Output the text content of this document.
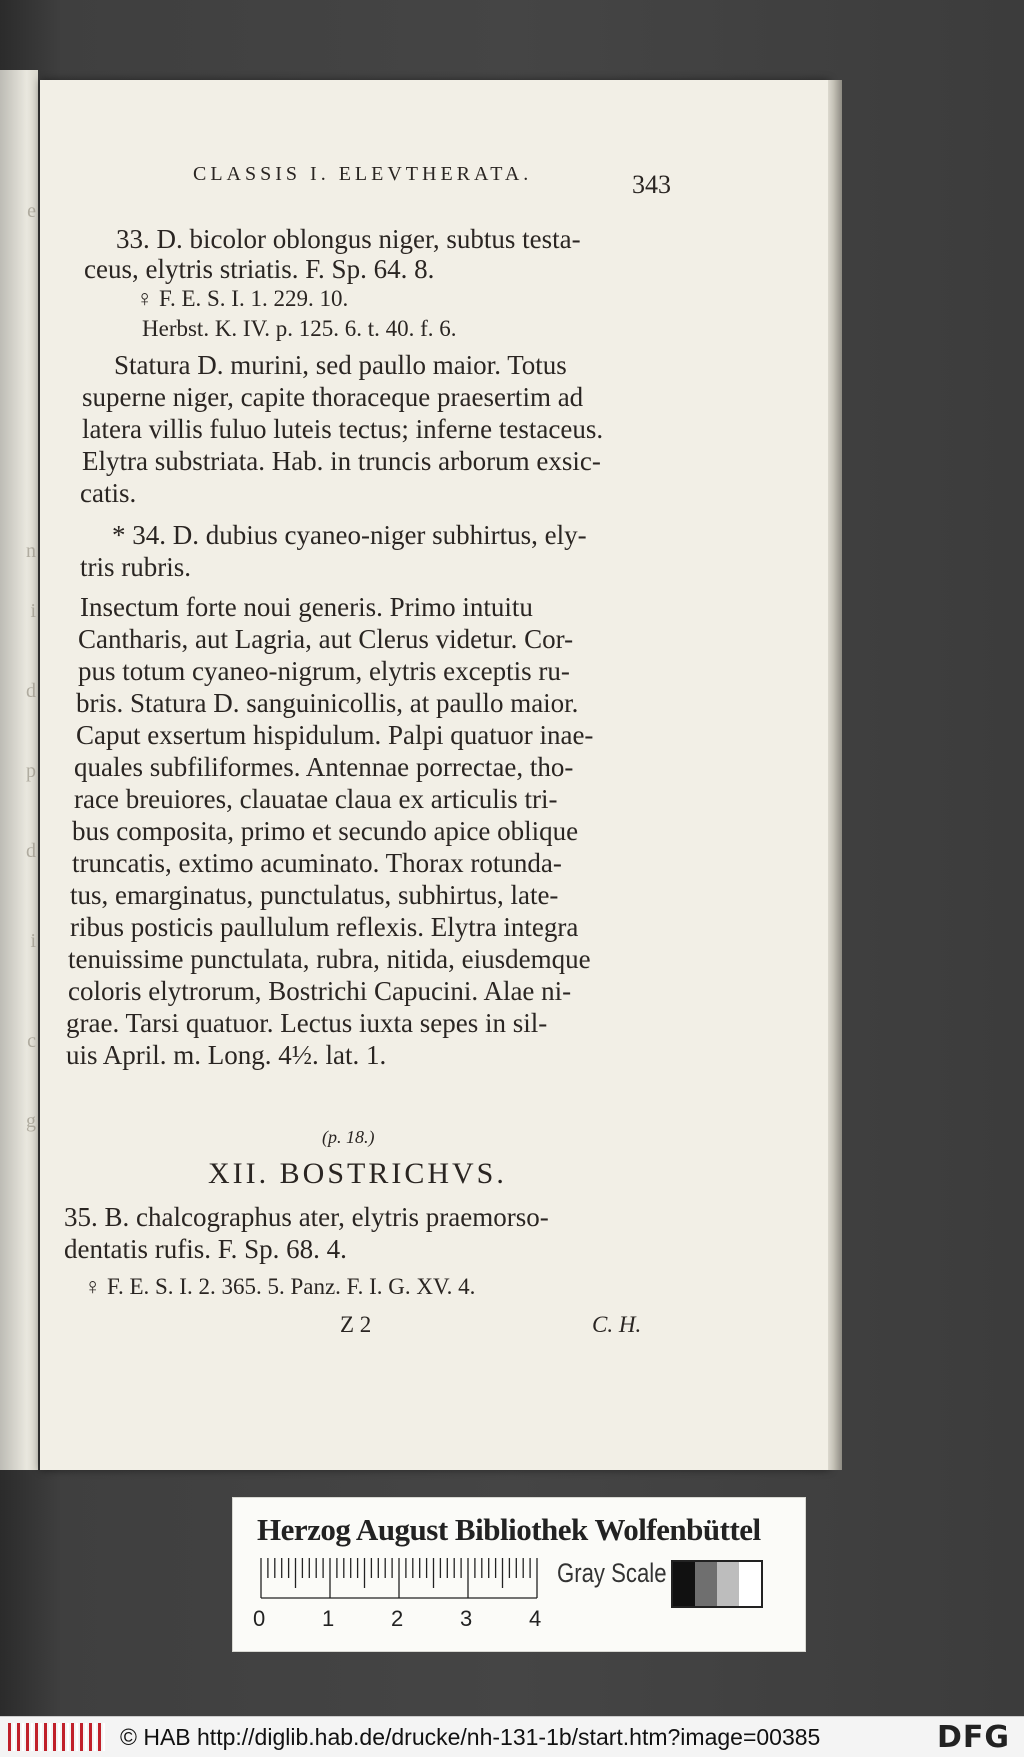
e
n
i
d
p
d
i
c
g
CLASSIS I. ELEVTHERATA.	343
33. D. bicolor oblongus niger, subtus testa-
ceus, elytris striatis. F. Sp. 64. 8.
♀ F. E. S. I. 1. 229. 10.
Herbst. K. IV. p. 125. 6. t. 40. f. 6.
Statura D. murini, sed paullo maior. Totus
superne niger, capite thoraceque praesertim ad
latera villis fuluo luteis tectus; inferne testaceus.
Elytra substriata. Hab. in truncis arborum exsic-
catis.
* 34. D. dubius cyaneo-niger subhirtus, ely-
tris rubris.
Insectum forte noui generis. Primo intuitu
Cantharis, aut Lagria, aut Clerus videtur. Cor-
pus totum cyaneo-nigrum, elytris exceptis ru-
bris. Statura D. sanguinicollis, at paullo maior.
Caput exsertum hispidulum. Palpi quatuor inae-
quales subfiliformes. Antennae porrectae, tho-
race breuiores, clauatae claua ex articulis tri-
bus composita, primo et secundo apice oblique
truncatis, extimo acuminato. Thorax rotunda-
tus, emarginatus, punctulatus, subhirtus, late-
ribus posticis paullulum reflexis. Elytra integra
tenuissime punctulata, rubra, nitida, eiusdemque
coloris elytrorum, Bostrichi Capucini. Alae ni-
grae. Tarsi quatuor. Lectus iuxta sepes in sil-
uis April. m. Long. 4½. lat. 1.
(p. 18.)
XII. BOSTRICHVS.
35. B. chalcographus ater, elytris praemorso-
dentatis rufis. F. Sp. 68. 4.
♀ F. E. S. I. 2. 365. 5. Panz. F. I. G. XV. 4.
Z 2	C. H.
Herzog August Bibliothek Wolfenbüttel
0	1	2	3	4
Gray Scale
© HAB http://diglib.hab.de/drucke/nh-131-1b/start.htm?image=00385	DFG
